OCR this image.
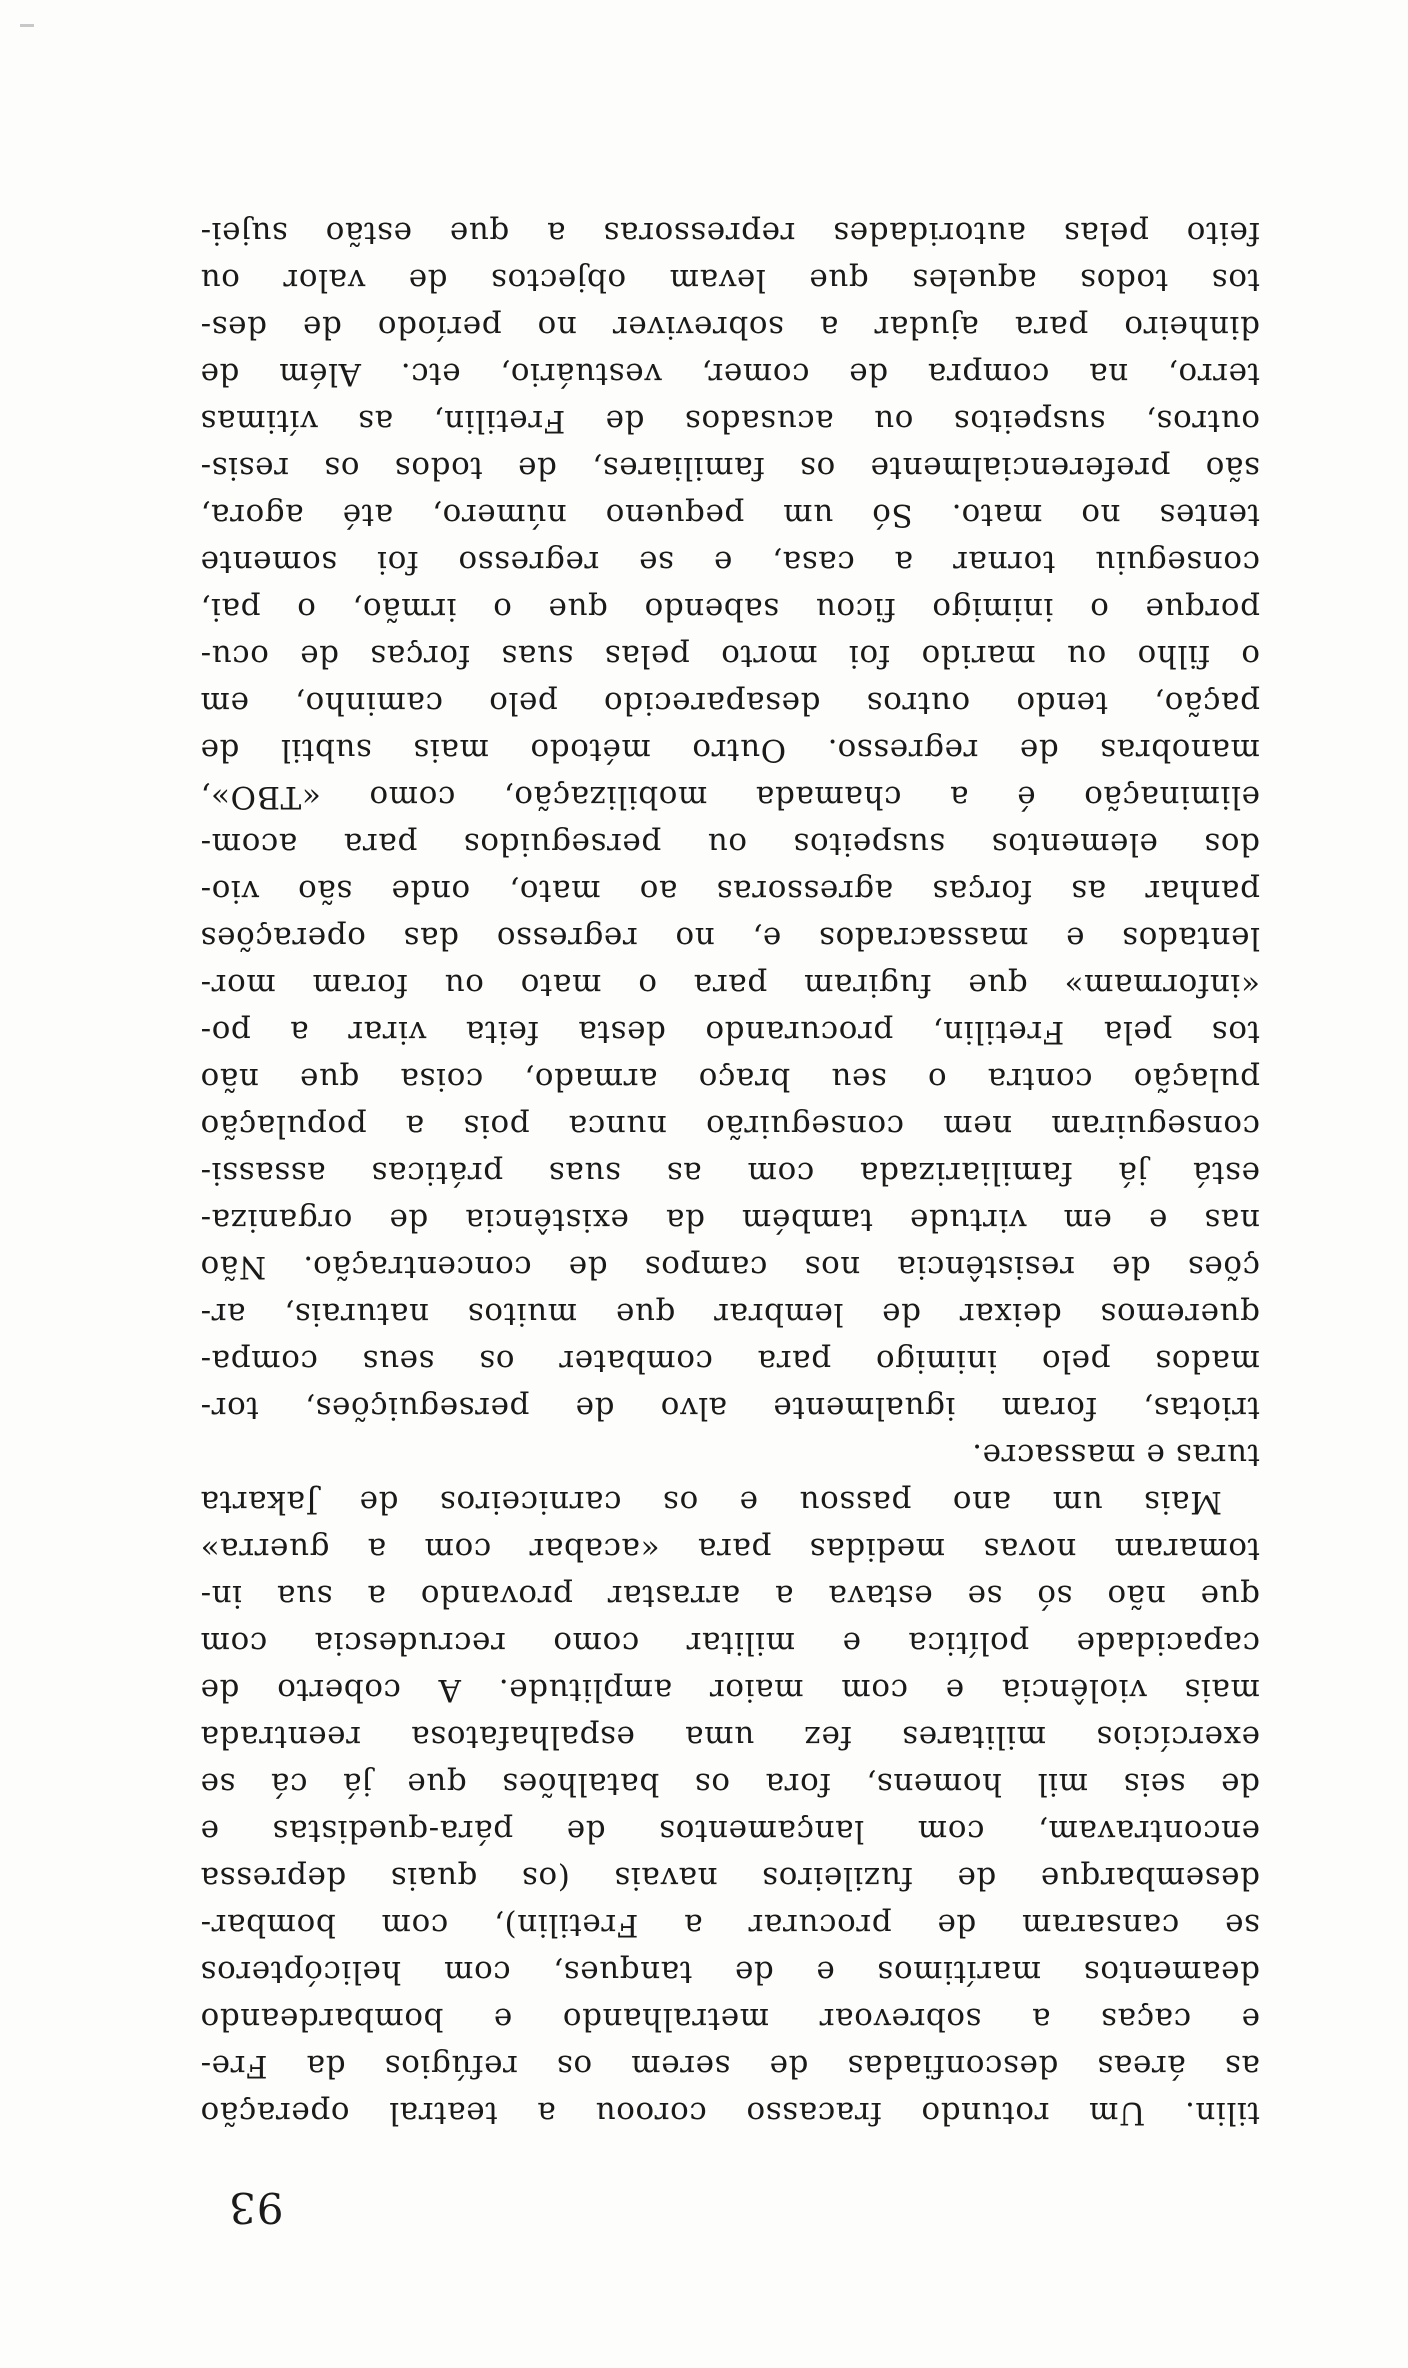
93
tilin. Um rotundo fracasso coroou a teatral operação
as áreas desconfiadas de serem os refúgios da Fre-
e caças a sobrevoar metralhando e bombardeando
deamentos marítimos e de tanques, com helicópteros
se cansaram de procurar a Fretilin), com bombar-
desembarque de fuzileiros navais (os quais depressa
encontravam, com lançamentos de pára-quedistas e
de seis mil homens, fora os batalhões que já cá se
exercícios militares fez uma espalhafatosa reentrada
mais violência e com maior amplitude. A coberto de
capacidade política e militar como recrudescia com
que não só se estava a arrastar provando a sua in-
tomaram novas medidas para «acabar com a guerra»
Mais um ano passou e os carniceiros de Jakarta
turas e massacre.
triotas, foram igualmente alvo de perseguições, tor-
mados pelo inimigo para combater os seus compa-
queremos deixar de lembrar que muitos naturais, ar-
ções de resistência nos campos de concentração. Não
nas e em virtude também da existência de organiza-
está já familiarizada com as suas práticas assassi-
conseguiram nem conseguirão nunca pois a população
pulação contra o seu braço armado, coisa que não
tos pela Fretilin, procurando desta feita virar a po-
«informam» que fugiram para o mato ou foram mor-
lentados e massacrados e, no regresso das operações
panhar as forças agressoras ao mato, onde são vio-
dos elementos suspeitos ou perseguidos para acom-
eliminação é a chamada mobilização, como «TBO»,
manobras de regresso. Outro método mais subtil de
pação, tendo outros desaparecido pelo caminho, em
o filho ou marido foi morto pelas suas forças de ocu-
porque o inimigo ficou sabendo que o irmão, o pai,
conseguiu tornar a casa, e se regresso foi somente
tentes no mato. Só um pequeno número, até agora,
são preferencialmente os familiares, de todos os resis-
outros, suspeitos ou acusados de Fretilin, as vítimas
terro, na compra de comer, vestuário, etc. Além de
dinheiro para ajudar a sobreviver no período de des-
tos todos aqueles que levam objectos de valor ou
feito pelas autoridades repressoras a que estão sujei-
